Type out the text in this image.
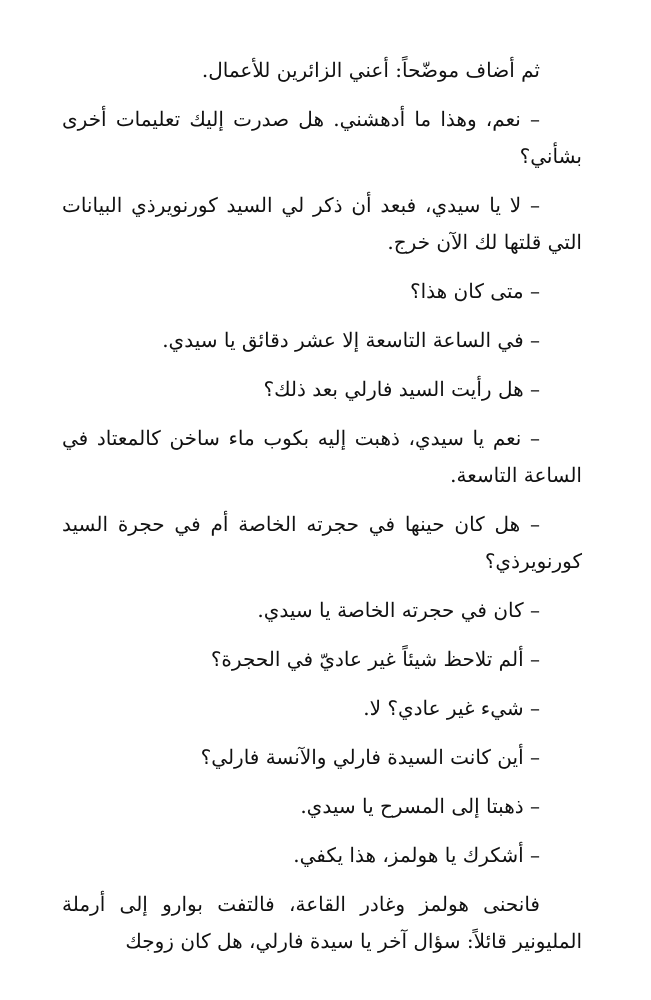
ثم أضاف موضّحاً: أعني الزائرين للأعمال.

– نعم، وهذا ما أدهشني. هل صدرت إليك تعليمات أخرى بشأني؟

– لا يا سيدي، فبعد أن ذكر لي السيد كورنويرذي البيانات التي قلتها لك الآن خرج.

– متى كان هذا؟

– في الساعة التاسعة إلا عشر دقائق يا سيدي.

– هل رأيت السيد فارلي بعد ذلك؟

– نعم يا سيدي، ذهبت إليه بكوب ماء ساخن كالمعتاد في الساعة التاسعة.

– هل كان حينها في حجرته الخاصة أم في حجرة السيد كورنويرذي؟

– كان في حجرته الخاصة يا سيدي.

– ألم تلاحظ شيئاً غير عاديّ في الحجرة؟

– شيء غير عادي؟ لا.

– أين كانت السيدة فارلي والآنسة فارلي؟

– ذهبتا إلى المسرح يا سيدي.

– أشكرك يا هولمز، هذا يكفي.

فانحنى هولمز وغادر القاعة، فالتفت بوارو إلى أرملة المليونير قائلاً: سؤال آخر يا سيدة فارلي، هل كان زوجك
